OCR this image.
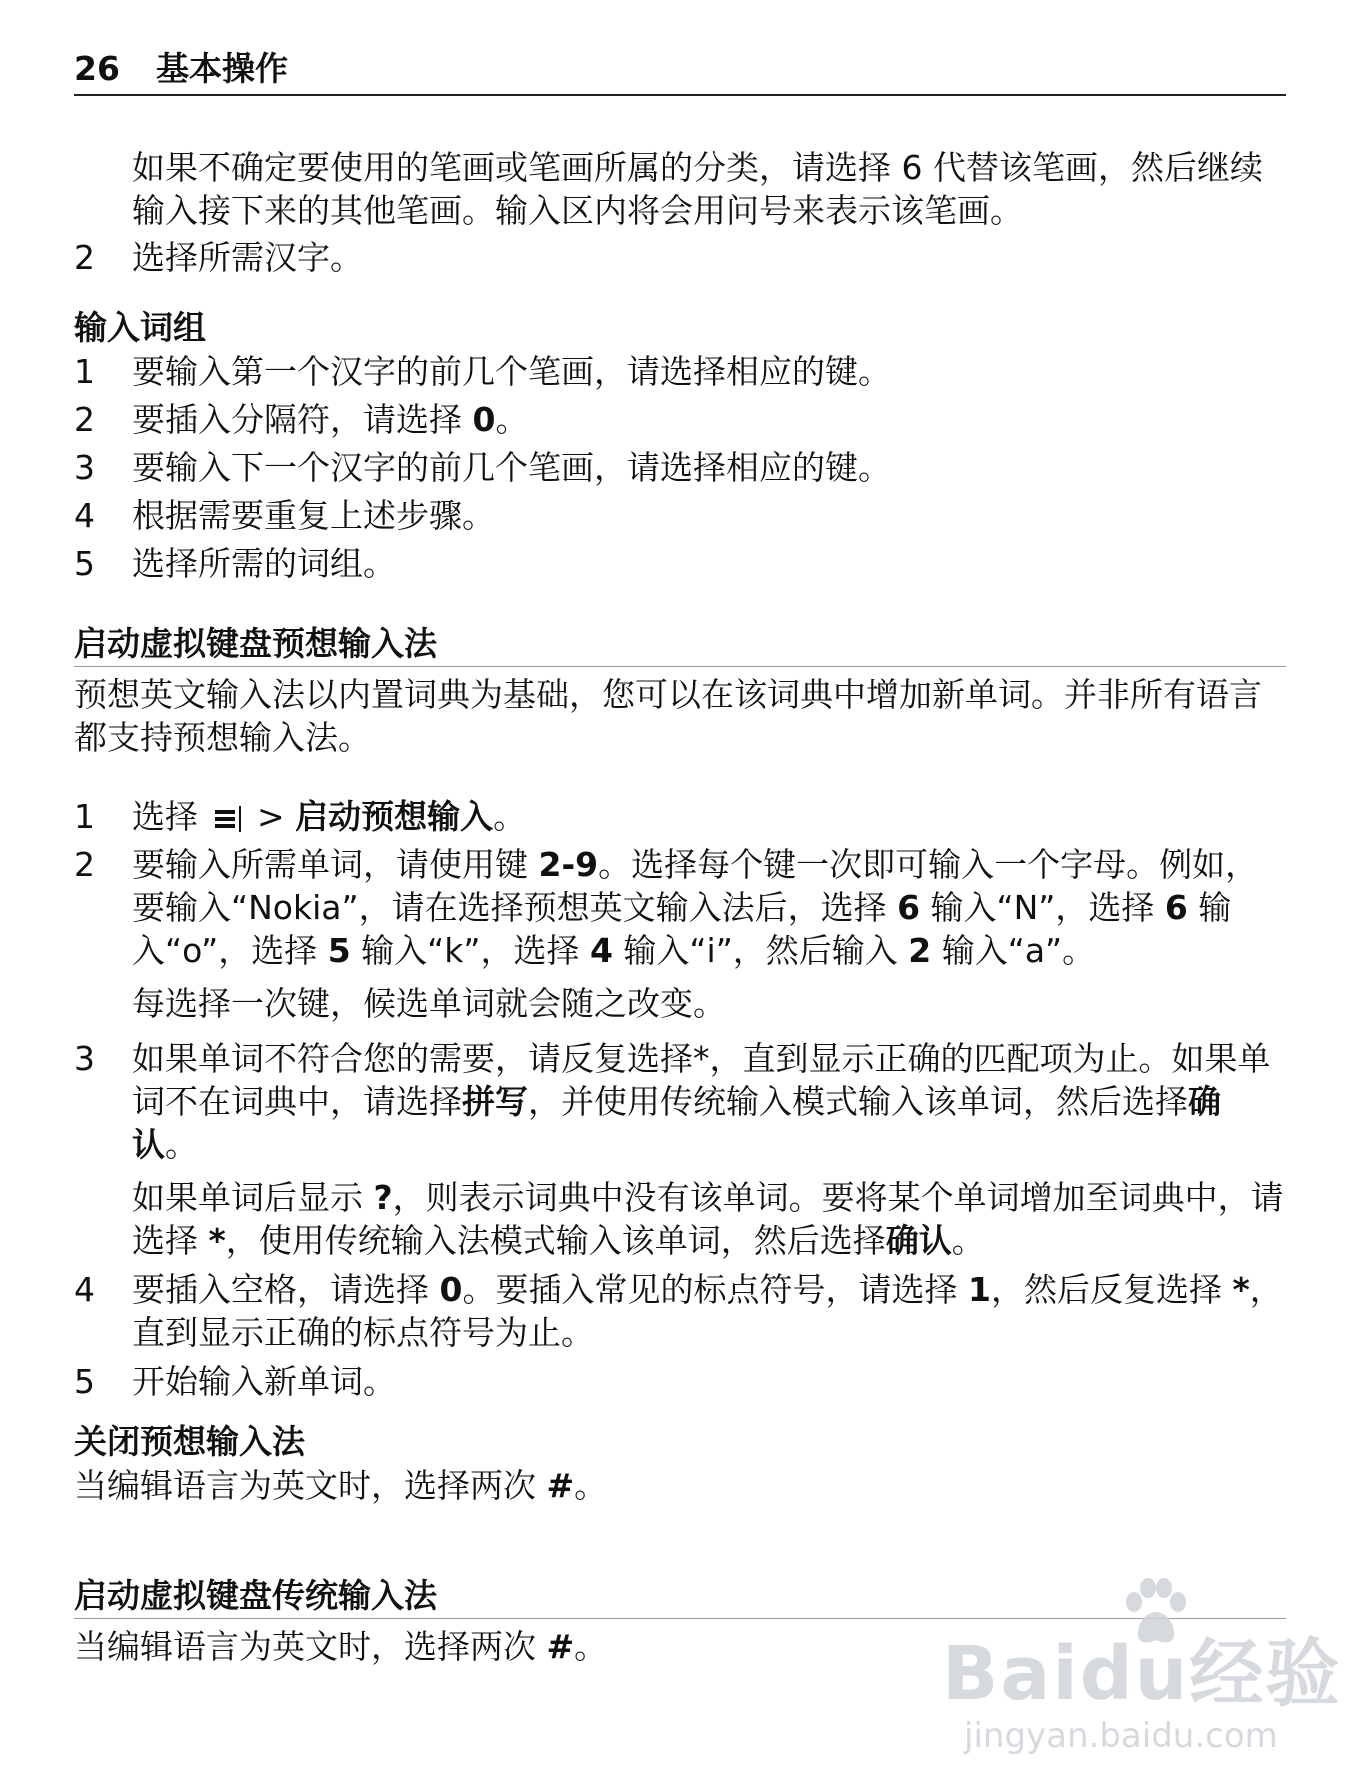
26 基本操作
如果不确定要使用的笔画或笔画所属的分类，请选择 6 代替该笔画，然后继续输入接下来的其他笔画。输入区内将会用问号来表示该笔画。
2	选择所需汉字。
输入词组
1	要输入第一个汉字的前几个笔画，请选择相应的键。
2	要插入分隔符，请选择 0。
3	要输入下一个汉字的前几个笔画，请选择相应的键。
4	根据需要重复上述步骤。
5	选择所需的词组。
启动虚拟键盘预想输入法
预想英文输入法以内置词典为基础，您可以在该词典中增加新单词。并非所有语言都支持预想输入法。
1	选择
> 启动预想输入。
2	要输入所需单词，请使用键 2-9。选择每个键一次即可输入一个字母。例如，要输入“Nokia”，请在选择预想英文输入法后，选择 6 输入“N”，选择 6 输入“o”，选择 5 输入“k”，选择 4 输入“i”，然后输入 2 输入“a”。
每选择一次键，候选单词就会随之改变。
3	如果单词不符合您的需要，请反复选择*，直到显示正确的匹配项为止。如果单词不在词典中，请选择拼写，并使用传统输入模式输入该单词，然后选择确认。
如果单词后显示 ?，则表示词典中没有该单词。要将某个单词增加至词典中，请选择 *，使用传统输入法模式输入该单词，然后选择确认。
4	要插入空格，请选择 0。要插入常见的标点符号，请选择 1，然后反复选择 *，直到显示正确的标点符号为止。
5	开始输入新单词。
关闭预想输入法
当编辑语言为英文时，选择两次 #。
启动虚拟键盘传统输入法
当编辑语言为英文时，选择两次 #。	Baidu经验
jingyan.baidu.com
